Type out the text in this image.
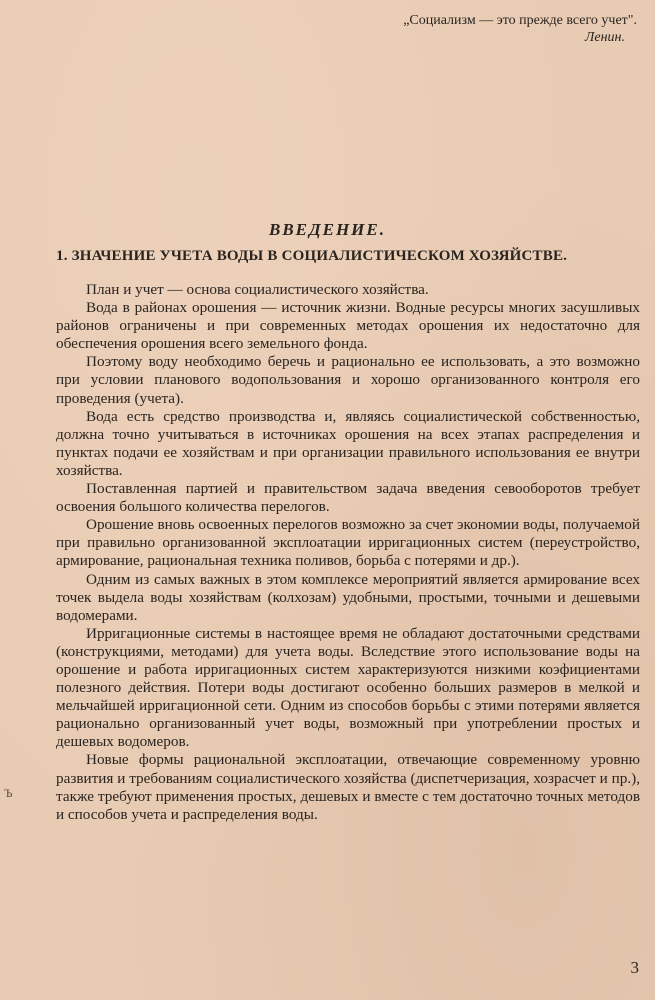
„Социализм — это прежде всего учет".
Ленин.
ВВЕДЕНИЕ.
1. ЗНАЧЕНИЕ УЧЕТА ВОДЫ В СОЦИАЛИСТИЧЕСКОМ ХОЗЯЙСТВЕ.

План и учет — основа социалистического хозяйства.

Вода в районах орошения — источник жизни. Водные ресурсы многих засушливых районов ограничены и при современных методах орошения их недостаточно для обеспечения орошения всего земельного фонда.

Поэтому воду необходимо беречь и рационально ее использовать, а это возможно при условии планового водопользования и хорошо организованного контроля его проведения (учета).

Вода есть средство производства и, являясь социалистической собственностью, должна точно учитываться в источниках орошения на всех этапах распределения и пунктах подачи ее хозяйствам и при организации правильного использования ее внутри хозяйства.

Поставленная партией и правительством задача введения севооборотов требует освоения большого количества перелогов.

Орошение вновь освоенных перелогов возможно за счет экономии воды, получаемой при правильно организованной эксплоатации ирригационных систем (переустройство, армирование, рациональная техника поливов, борьба с потерями и др.).

Одним из самых важных в этом комплексе мероприятий является армирование всех точек выдела воды хозяйствам (колхозам) удобными, простыми, точными и дешевыми водомерами.

Ирригационные системы в настоящее время не обладают достаточными средствами (конструкциями, методами) для учета воды. Вследствие этого использование воды на орошение и работа ирригационных систем характеризуются низкими коэфициентами полезного действия. Потери воды достигают особенно больших размеров в мелкой и мельчайшей ирригационной сети. Одним из способов борьбы с этими потерями является рационально организованный учет воды, возможный при употреблении простых и дешевых водомеров.

Новые формы рациональной эксплоатации, отвечающие современному уровню развития и требованиям социалистического хозяйства (диспетчеризация, хозрасчет и пр.), также требуют применения простых, дешевых и вместе с тем достаточно точных методов и способов учета и распределения воды.

Ъ
3
